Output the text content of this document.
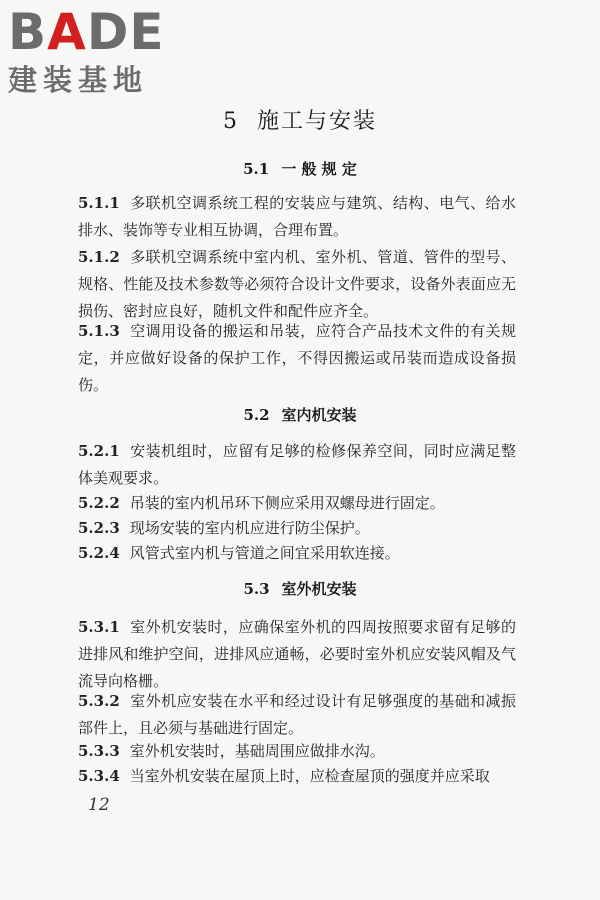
BADE
建装基地
5 施工与安装
5.1 一 般 规 定
5.1.1 多联机空调系统工程的安装应与建筑、结构、电气、给水排水、装饰等专业相互协调，合理布置。
5.1.2 多联机空调系统中室内机、室外机、管道、管件的型号、规格、性能及技术参数等必须符合设计文件要求，设备外表面应无损伤、密封应良好，随机文件和配件应齐全。
5.1.3 空调用设备的搬运和吊装，应符合产品技术文件的有关规定，并应做好设备的保护工作，不得因搬运或吊装而造成设备损伤。
5.2 室内机安装
5.2.1 安装机组时，应留有足够的检修保养空间，同时应满足整体美观要求。
5.2.2 吊装的室内机吊环下侧应采用双螺母进行固定。
5.2.3 现场安装的室内机应进行防尘保护。
5.2.4 风管式室内机与管道之间宜采用软连接。
5.3 室外机安装
5.3.1 室外机安装时，应确保室外机的四周按照要求留有足够的进排风和维护空间，进排风应通畅，必要时室外机应安装风帽及气流导向格栅。
5.3.2 室外机应安装在水平和经过设计有足够强度的基础和减振部件上，且必须与基础进行固定。
5.3.3 室外机安装时，基础周围应做排水沟。
5.3.4 当室外机安装在屋顶上时，应检查屋顶的强度并应采取
12
